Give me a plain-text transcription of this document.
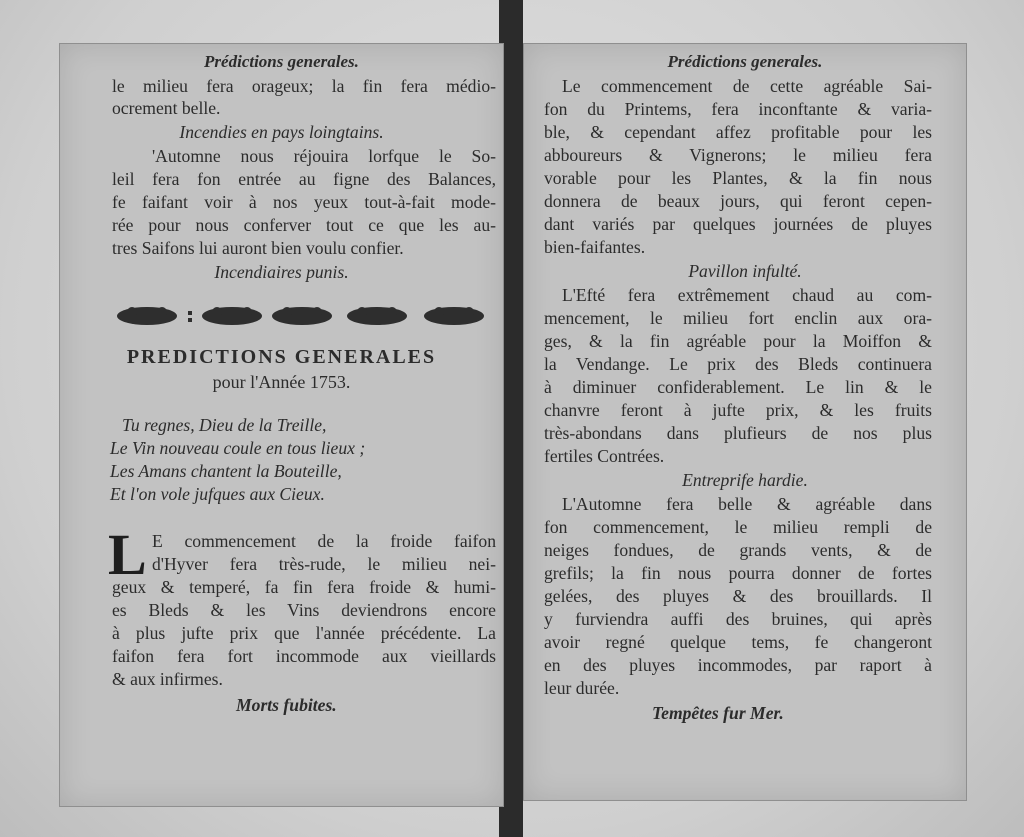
Prédictions generales.
le milieu fera orageux; la fin fera médio-
ocrement belle.
Incendies en pays loingtains.
'Automne nous réjouira lorfque le So-
leil fera fon entrée au figne des Balances,
fe faifant voir à nos yeux tout-à-fait mode-
rée pour nous conferver tout ce que les au-
tres Saifons lui auront bien voulu confier.
Incendiaires punis.
PREDICTIONS GENERALES
pour l'Année 1753.
Tu regnes, Dieu de la Treille,
Le Vin nouveau coule en tous lieux ;
Les Amans chantent la Bouteille,
Et l'on vole jufques aux Cieux.
L E commencement de la froide faifon
d'Hyver fera très-rude, le milieu nei-
geux & temperé, fa fin fera froide & humi-
es Bleds & les Vins deviendrons encore
à plus jufte prix que l'année précédente. La
faifon fera fort incommode aux vieillards
& aux infirmes.
Morts fubites.
Prédictions generales.
Le commencement de cette agréable Sai-
fon du Printems, fera inconftante & varia-
ble, & cependant affez profitable pour les
abboureurs & Vignerons; le milieu fera
vorable pour les Plantes, & la fin nous
donnera de beaux jours, qui feront cepen-
dant variés par quelques journées de pluyes
bien-faifantes.
Pavillon infulté.
L'Efté fera extrêmement chaud au com-
mencement, le milieu fort enclin aux ora-
ges, & la fin agréable pour la Moiffon &
la Vendange. Le prix des Bleds continuera
à diminuer confiderablement. Le lin & le
chanvre feront à jufte prix, & les fruits
très-abondans dans plufieurs de nos plus
fertiles Contrées.
Entreprife hardie.
L'Automne fera belle & agréable dans
fon commencement, le milieu rempli de
neiges fondues, de grands vents, & de
grefils; la fin nous pourra donner de fortes
gelées, des pluyes & des brouillards. Il
y furviendra auffi des bruines, qui après
avoir regné quelque tems, fe changeront
en des pluyes incommodes, par raport à
leur durée.
Tempêtes fur Mer.
